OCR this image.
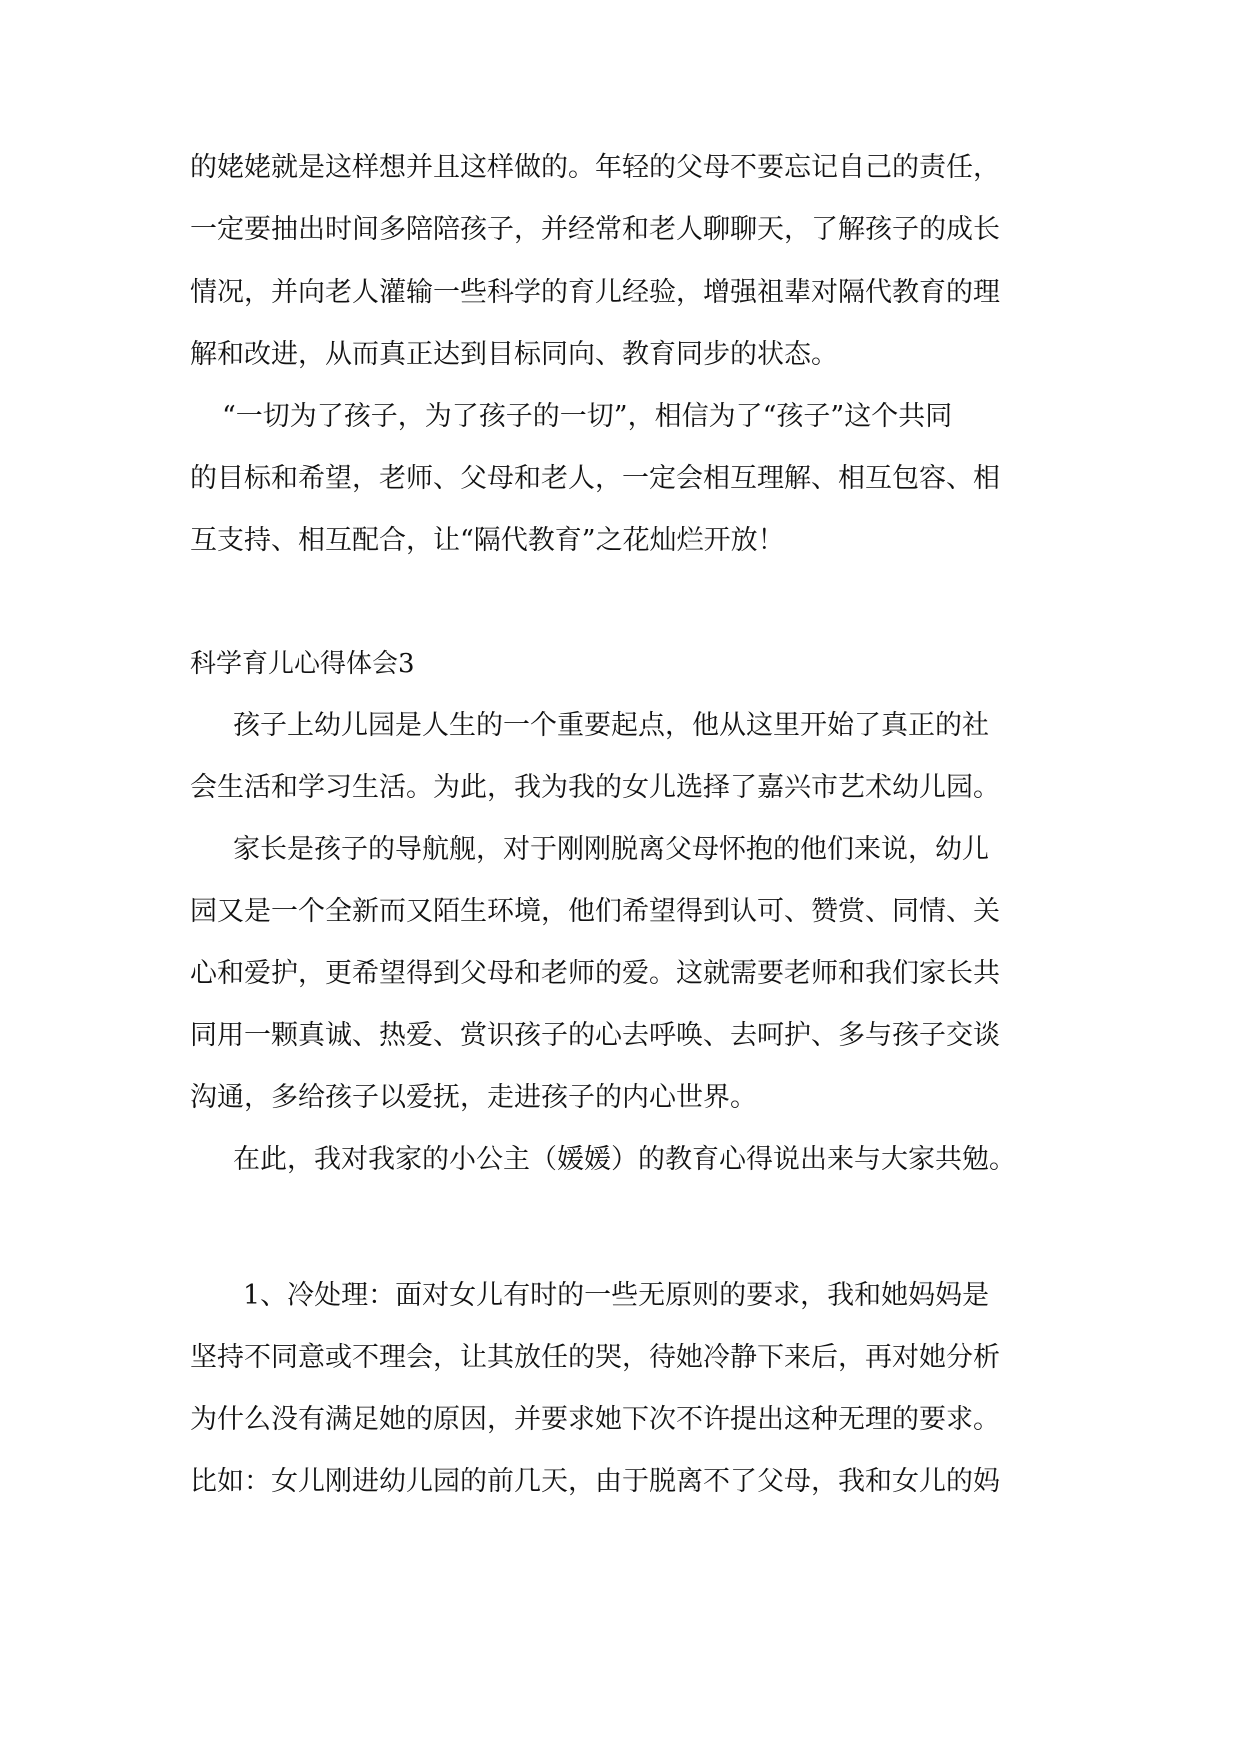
的姥姥就是这样想并且这样做的。年轻的父母不要忘记自己的责任，
一定要抽出时间多陪陪孩子，并经常和老人聊聊天，了解孩子的成长
情况，并向老人灌输一些科学的育儿经验，增强祖辈对隔代教育的理
解和改进，从而真正达到目标同向、教育同步的状态。
“一切为了孩子，为了孩子的一切”，相信为了“孩子”这个共同
的目标和希望，老师、父母和老人，一定会相互理解、相互包容、相
互支持、相互配合，让“隔代教育”之花灿烂开放！
科学育儿心得体会3
孩子上幼儿园是人生的一个重要起点，他从这里开始了真正的社
会生活和学习生活。为此，我为我的女儿选择了嘉兴市艺术幼儿园。
家长是孩子的导航舰，对于刚刚脱离父母怀抱的他们来说，幼儿
园又是一个全新而又陌生环境，他们希望得到认可、赞赏、同情、关
心和爱护，更希望得到父母和老师的爱。这就需要老师和我们家长共
同用一颗真诚、热爱、赏识孩子的心去呼唤、去呵护、多与孩子交谈
沟通，多给孩子以爱抚，走进孩子的内心世界。
在此，我对我家的小公主（媛媛）的教育心得说出来与大家共勉。
1、冷处理：面对女儿有时的一些无原则的要求，我和她妈妈是
坚持不同意或不理会，让其放任的哭，待她冷静下来后，再对她分析
为什么没有满足她的原因，并要求她下次不许提出这种无理的要求。
比如：女儿刚进幼儿园的前几天，由于脱离不了父母，我和女儿的妈
